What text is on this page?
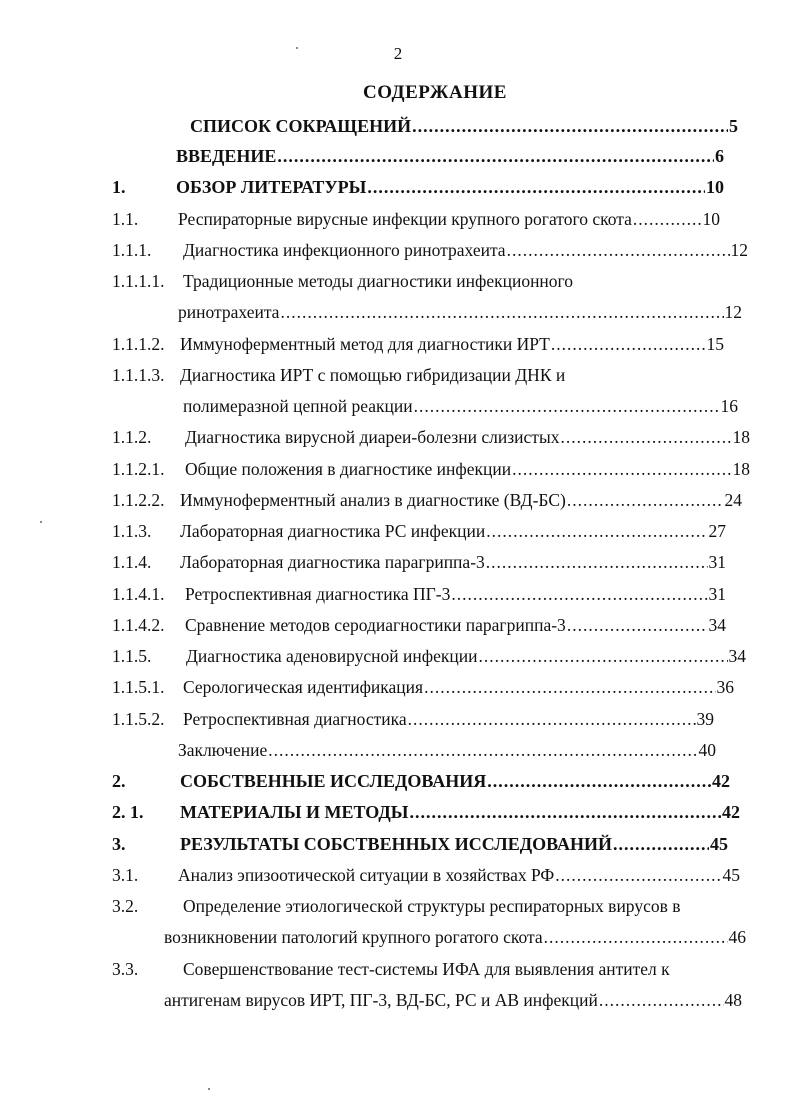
2
СОДЕРЖАНИЕ
СПИСОК СОКРАЩЕНИЙ .....	5
ВВЕДЕНИЕ .....	6
1.	ОБЗОР ЛИТЕРАТУРЫ .....	10
1.1. Респираторные вирусные инфекции крупного рогатого скота .....	10
1.1.1. Диагностика инфекционного ринотрахеита .....	12
1.1.1.1. Традиционные методы диагностики инфекционного
ринотрахеита .....	12
1.1.1.2. Иммуноферментный метод для диагностики ИРТ .....	15
1.1.1.3. Диагностика ИРТ с помощью гибридизации ДНК и
полимеразной цепной реакции .....	16
1.1.2. Диагностика вирусной диареи-болезни слизистых .....	18
1.1.2.1. Общие положения в диагностике инфекции .....	18
1.1.2.2. Иммуноферментный анализ в диагностике (ВД-БС) .....	24
1.1.3. Лабораторная диагностика РС инфекции .....	27
1.1.4. Лабораторная диагностика парагриппа-3 .....	31
1.1.4.1. Ретроспективная диагностика ПГ-3 .....	31
1.1.4.2. Сравнение методов серодиагностики парагриппа-3 .....	34
1.1.5. Диагностика аденовирусной инфекции .....	34
1.1.5.1. Серологическая идентификация .....	36
1.1.5.2. Ретроспективная диагностика .....	39
Заключение .....	40
2.	СОБСТВЕННЫЕ ИССЛЕДОВАНИЯ .....	42
2. 1. МАТЕРИАЛЫ И МЕТОДЫ .....	42
3.	РЕЗУЛЬТАТЫ СОБСТВЕННЫХ ИССЛЕДОВАНИЙ .....	45
3.1. Анализ эпизоотической ситуации в хозяйствах РФ .....	45
3.2.	Определение этиологической структуры респираторных вирусов в
возникновении патологий крупного рогатого скота .....	46
3.3.	Совершенствование тест-системы ИФА для выявления антител к
антигенам вирусов ИРТ, ПГ-3, ВД-БС, РС и АВ инфекций .....	48
